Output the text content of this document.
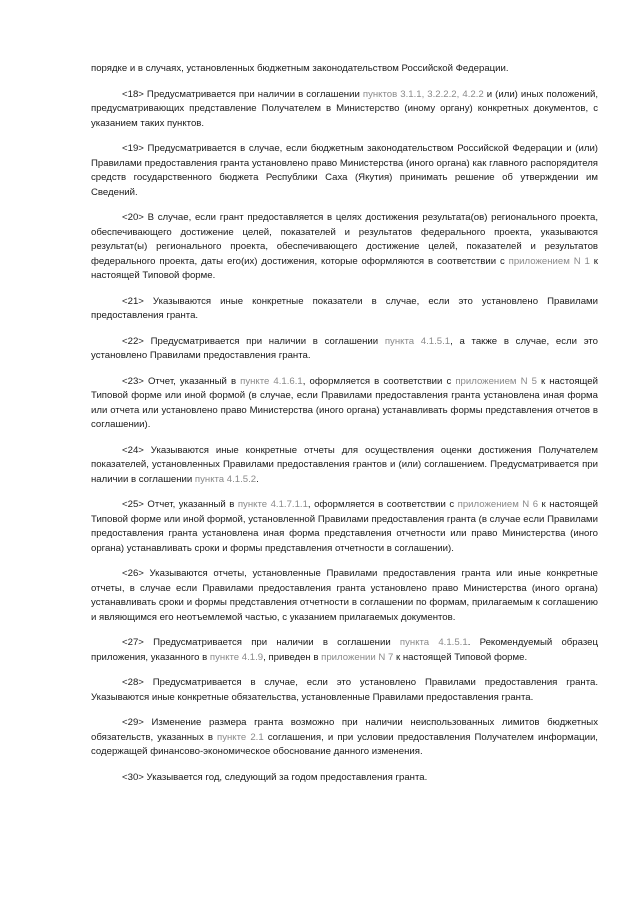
порядке и в случаях, установленных бюджетным законодательством Российской Федерации.

<18> Предусматривается при наличии в соглашении пунктов 3.1.1, 3.2.2.2, 4.2.2 и (или) иных положений, предусматривающих представление Получателем в Министерство (иному органу) конкретных документов, с указанием таких пунктов.

<19> Предусматривается в случае, если бюджетным законодательством Российской Федерации и (или) Правилами предоставления гранта установлено право Министерства (иного органа) как главного распорядителя средств государственного бюджета Республики Саха (Якутия) принимать решение об утверждении им Сведений.

<20> В случае, если грант предоставляется в целях достижения результата(ов) регионального проекта, обеспечивающего достижение целей, показателей и результатов федерального проекта, указываются результат(ы) регионального проекта, обеспечивающего достижение целей, показателей и результатов федерального проекта, даты его(их) достижения, которые оформляются в соответствии с приложением N 1 к настоящей Типовой форме.

<21> Указываются иные конкретные показатели в случае, если это установлено Правилами предоставления гранта.

<22> Предусматривается при наличии в соглашении пункта 4.1.5.1, а также в случае, если это установлено Правилами предоставления гранта.

<23> Отчет, указанный в пункте 4.1.6.1, оформляется в соответствии с приложением N 5 к настоящей Типовой форме или иной формой (в случае, если Правилами предоставления гранта установлена иная форма или отчета или установлено право Министерства (иного органа) устанавливать формы представления отчетов в соглашении).

<24> Указываются иные конкретные отчеты для осуществления оценки достижения Получателем показателей, установленных Правилами предоставления грантов и (или) соглашением. Предусматривается при наличии в соглашении пункта 4.1.5.2.

<25> Отчет, указанный в пункте 4.1.7.1.1, оформляется в соответствии с приложением N 6 к настоящей Типовой форме или иной формой, установленной Правилами предоставления гранта (в случае если Правилами предоставления гранта установлена иная форма представления отчетности или право Министерства (иного органа) устанавливать сроки и формы представления отчетности в соглашении).

<26> Указываются отчеты, установленные Правилами предоставления гранта или иные конкретные отчеты, в случае если Правилами предоставления гранта установлено право Министерства (иного органа) устанавливать сроки и формы представления отчетности в соглашении по формам, прилагаемым к соглашению и являющимся его неотъемлемой частью, с указанием прилагаемых документов.

<27> Предусматривается при наличии в соглашении пункта 4.1.5.1. Рекомендуемый образец приложения, указанного в пункте 4.1.9, приведен в приложении N 7 к настоящей Типовой форме.

<28> Предусматривается в случае, если это установлено Правилами предоставления гранта. Указываются иные конкретные обязательства, установленные Правилами предоставления гранта.

<29> Изменение размера гранта возможно при наличии неиспользованных лимитов бюджетных обязательств, указанных в пункте 2.1 соглашения, и при условии предоставления Получателем информации, содержащей финансово-экономическое обоснование данного изменения.

<30> Указывается год, следующий за годом предоставления гранта.
